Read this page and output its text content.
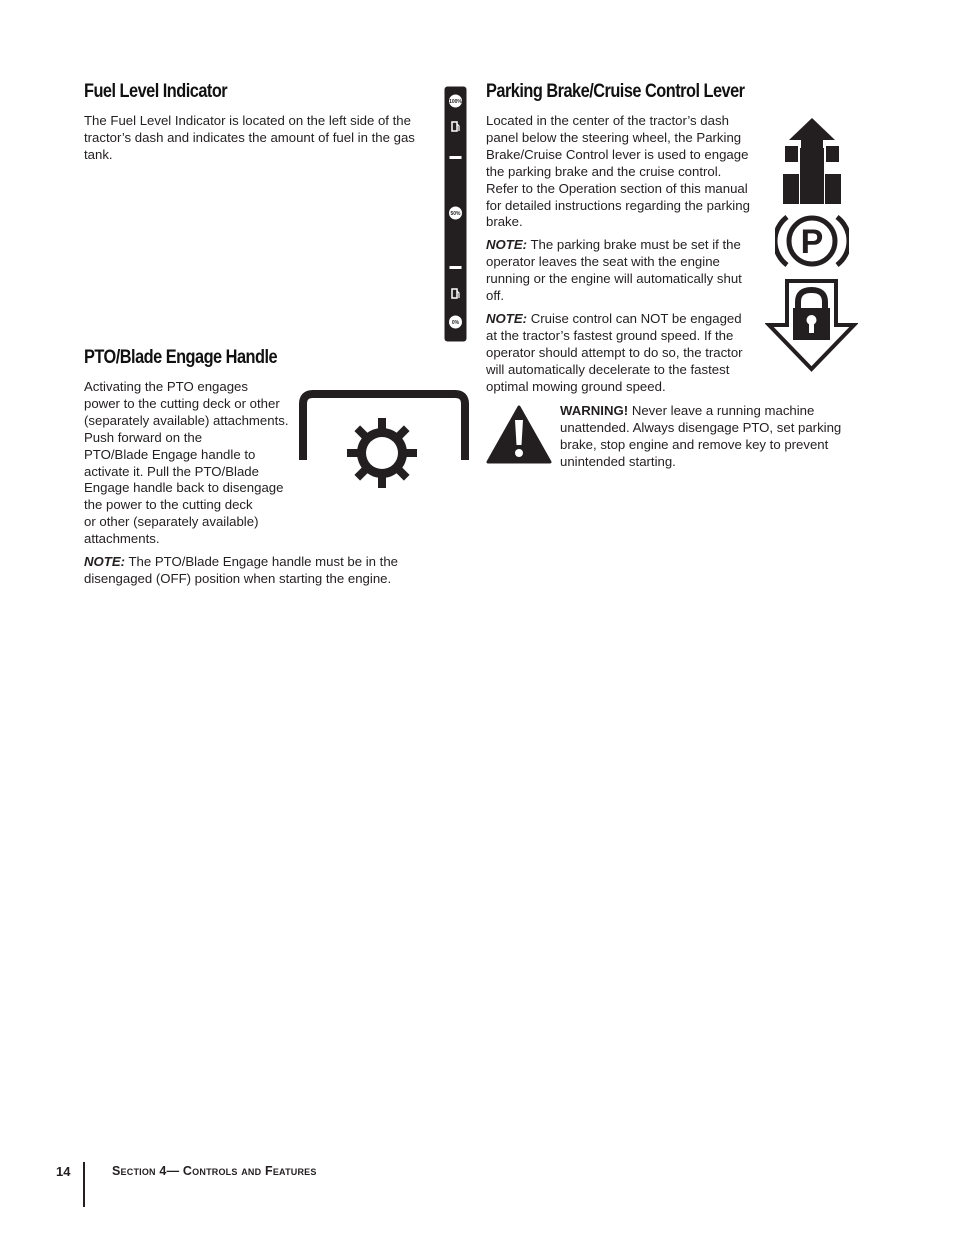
Fuel Level Indicator

The Fuel Level Indicator is located on the left side of the tractor’s dash and indicates the amount of fuel in the gas tank.

100%
50%
0%
PTO/Blade Engage Handle
Activating the PTO engages
power to the cutting deck or other
(separately available) attachments.
Push forward on the
PTO/Blade Engage handle to
activate it. Pull the PTO/Blade
Engage handle back to disengage
the power to the cutting deck
or other (separately available)
attachments.

NOTE: The PTO/Blade Engage handle must be in the disengaged (OFF) position when starting the engine.

Parking Brake/Cruise Control Lever

Located in the center of the tractor’s dash panel below the steering wheel, the Parking Brake/Cruise Control lever is used to engage the parking brake and the cruise control. Refer to the Operation section of this manual for detailed instructions regarding the parking brake.

NOTE: The parking brake must be set if the operator leaves the seat with the engine running or the engine will automatically shut off.

NOTE: Cruise control can NOT be engaged at the tractor’s fastest ground speed. If the operator should attempt to do so, the tractor will automatically decelerate to the fastest optimal mowing ground speed.

P

WARNING! Never leave a running machine unattended. Always disengage PTO, set parking brake, stop engine and remove key to prevent unintended starting.

14	Section 4— Controls and Features
